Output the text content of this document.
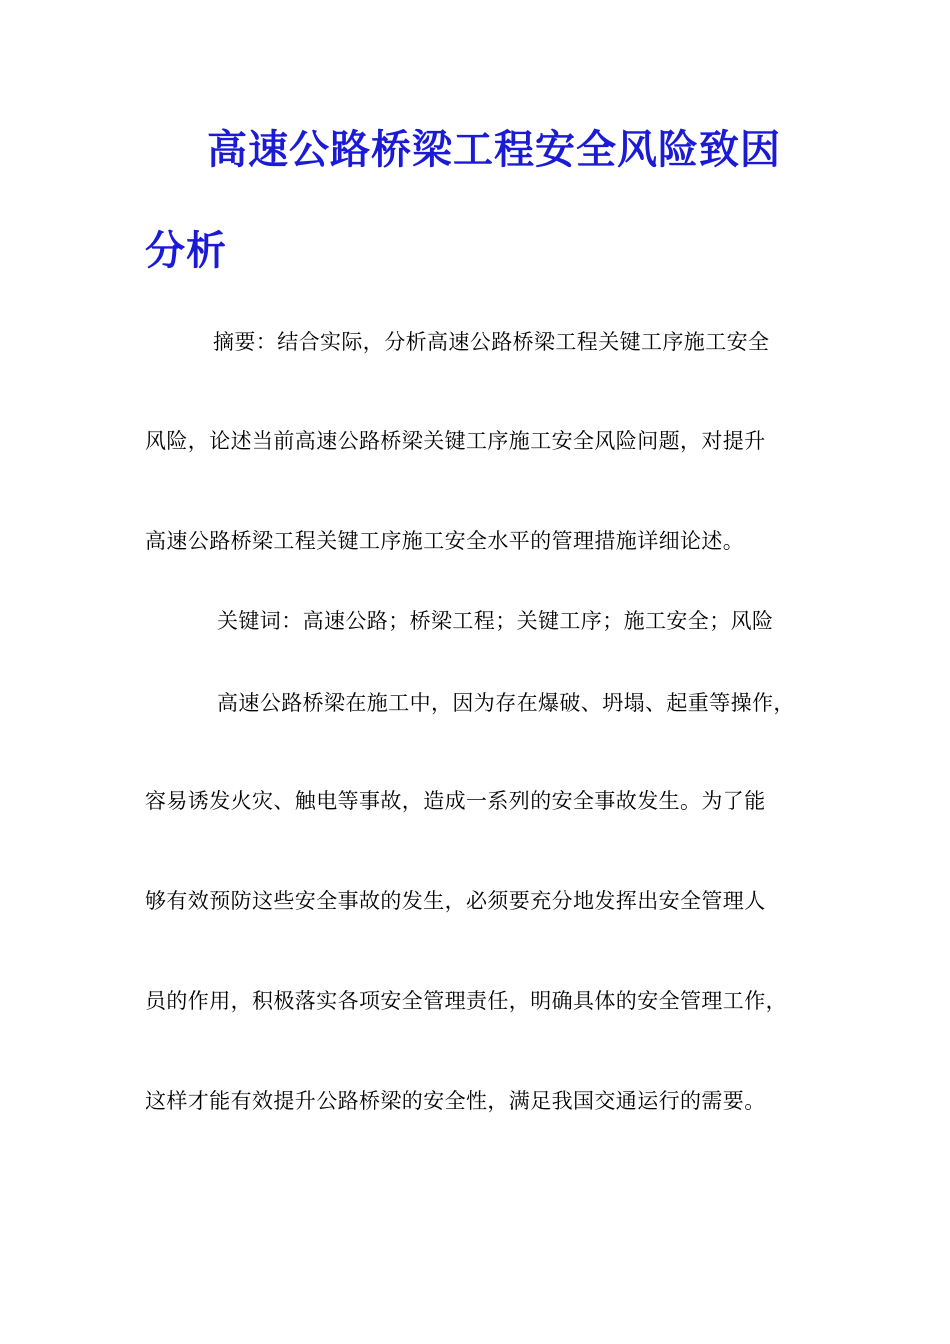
高速公路桥梁工程安全风险致因
分析
摘要：结合实际，分析高速公路桥梁工程关键工序施工安全
风险，论述当前高速公路桥梁关键工序施工安全风险问题，对提升
高速公路桥梁工程关键工序施工安全水平的管理措施详细论述。
关键词：高速公路；桥梁工程；关键工序；施工安全；风险
高速公路桥梁在施工中，因为存在爆破、坍塌、起重等操作，
容易诱发火灾、触电等事故，造成一系列的安全事故发生。为了能
够有效预防这些安全事故的发生，必须要充分地发挥出安全管理人
员的作用，积极落实各项安全管理责任，明确具体的安全管理工作，
这样才能有效提升公路桥梁的安全性，满足我国交通运行的需要。
